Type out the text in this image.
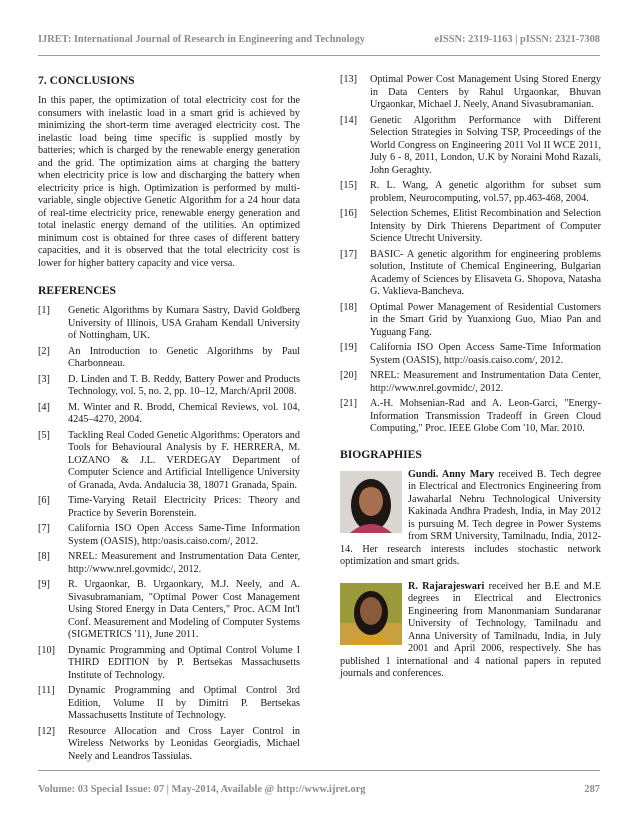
IJRET: International Journal of Research in Engineering and Technology	eISSN: 2319-1163 | pISSN: 2321-7308
7. CONCLUSIONS

In this paper, the optimization of total electricity cost for the consumers with inelastic load in a smart grid is achieved by minimizing the short-term time averaged electricity cost. The inelastic load being time specific is supplied mostly by batteries; which is charged by the renewable energy generation and the grid. The optimization aims at charging the battery when electricity price is low and discharging the battery when electricity price is high. Optimization is performed by multi-variable, single objective Genetic Algorithm for a 24 hour data of real-time electricity price, renewable energy generation and total inelastic energy demand of the utilities. An optimized minimum cost is obtained for three cases of different battery capacities, and it is observed that the total electricity cost is lower for higher battery capacity and vice versa.

REFERENCES
[1] Genetic Algorithms by Kumara Sastry, David Goldberg University of Illinois, USA Graham Kendall University of Nottingham, UK.
[2] An Introduction to Genetic Algorithms by Paul Charbonneau.
[3] D. Linden and T. B. Reddy, Battery Power and Products Technology, vol. 5, no. 2, pp. 10–12, March/April 2008.
[4] M. Winter and R. Brodd, Chemical Reviews, vol. 104, 4245–4270, 2004.
[5] Tackling Real Coded Genetic Algorithms: Operators and Tools for Behavioural Analysis by F. HERRERA, M. LOZANO & J.L. VERDEGAY Department of Computer Science and Artificial Intelligence University of Granada, Avda. Andalucia 38, 18071 Granada, Spain.
[6] Time-Varying Retail Electricity Prices: Theory and Practice by Severin Borenstein.
[7] California ISO Open Access Same-Time Information System (OASIS), http:/oasis.caiso.com/, 2012.
[8] NREL: Measurement and Instrumentation Data Center, http://www.nrel.govmidc/, 2012.
[9] R. Urgaonkar, B. Urgaonkary, M.J. Neely, and A. Sivasubramaniam, "Optimal Power Cost Management Using Stored Energy in Data Centers," Proc. ACM Int'l Conf. Measurement and Modeling of Computer Systems (SIGMETRICS '11), June 2011.
[10] Dynamic Programming and Optimal Control Volume I THIRD EDITION by P. Bertsekas Massachusetts Institute of Technology.
[11] Dynamic Programming and Optimal Control 3rd Edition, Volume II by Dimitri P. Bertsekas Massachusetts Institute of Technology.
[12] Resource Allocation and Cross Layer Control in Wireless Networks by Leonidas Georgiadis, Michael Neely and Leandros Tassiulas.
[13] Optimal Power Cost Management Using Stored Energy in Data Centers by Rahul Urgaonkar, Bhuvan Urgaonkar, Michael J. Neely, Anand Sivasubramanian.
[14] Genetic Algorithm Performance with Different Selection Strategies in Solving TSP, Proceedings of the World Congress on Engineering 2011 Vol II WCE 2011, July 6 - 8, 2011, London, U.K by Noraini Mohd Razali, John Geraghty.
[15] R. L. Wang, A genetic algorithm for subset sum problem, Neurocomputing, vol.57, pp.463-468, 2004.
[16] Selection Schemes, Elitist Recombination and Selection Intensity by Dirk Thierens Department of Computer Science Utrecht University.
[17] BASIC- A genetic algorithm for engineering problems solution, Institute of Chemical Engineering, Bulgarian Academy of Sciences by Elisaveta G. Shopova, Natasha G. Vaklieva-Bancheva.
[18] Optimal Power Management of Residential Customers in the Smart Grid by Yuanxiong Guo, Miao Pan and Yuguang Fang.
[19] California ISO Open Access Same-Time Information System (OASIS), http://oasis.caiso.com/, 2012.
[20] NREL: Measurement and Instrumentation Data Center, http://www.nrel.govmidc/, 2012.
[21] A.-H. Mohsenian-Rad and A. Leon-Garci, "Energy-Information Transmission Tradeoff in Green Cloud Computing," Proc. IEEE Globe Com '10, Mar. 2010.
BIOGRAPHIES
Gundi. Anny Mary received B. Tech degree in Electrical and Electronics Engineering from Jawaharlal Nehru Technological University Kakinada Andhra Pradesh, India, in May 2012 is pursuing M. Tech degree in Power Systems from SRM University, Tamilnadu, India, 2012-14. Her research interests includes stochastic network optimization and smart grids.
R. Rajarajeswari received her B.E and M.E degrees in Electrical and Electronics Engineering from Manonmaniam Sundaranar University of Technology, Tamilnadu and Anna University of Tamilnadu, India, in July 2001 and April 2006, respectively. She has published 1 international and 4 national papers in reputed journals and conferences.
Volume: 03 Special Issue: 07 | May-2014, Available @ http://www.ijret.org	287
